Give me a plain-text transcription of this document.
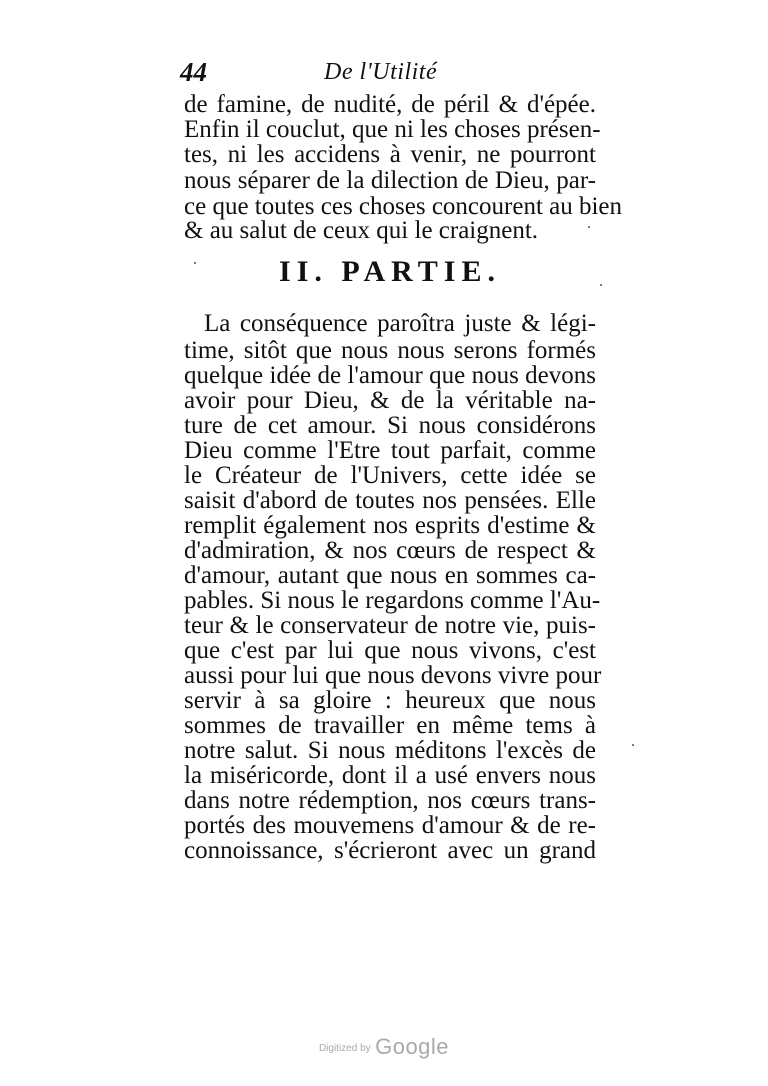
44	De l'Utilité
de famine, de nudité, de péril & d'épée.
Enfin il couclut, que ni les choses présen-
tes, ni les accidens à venir, ne pourront
nous séparer de la dilection de Dieu, par-
ce que toutes ces choses concourent au bien
& au salut de ceux qui le craignent.
II. PARTIE.
La conséquence paroîtra juste & légi-
time, sitôt que nous nous serons formés
quelque idée de l'amour que nous devons
avoir pour Dieu, & de la véritable na-
ture de cet amour. Si nous considérons
Dieu comme l'Etre tout parfait, comme
le Créateur de l'Univers, cette idée se
saisit d'abord de toutes nos pensées. Elle
remplit également nos esprits d'estime &
d'admiration, & nos cœurs de respect &
d'amour, autant que nous en sommes ca-
pables. Si nous le regardons comme l'Au-
teur & le conservateur de notre vie, puis-
que c'est par lui que nous vivons, c'est
aussi pour lui que nous devons vivre pour
servir à sa gloire : heureux que nous
sommes de travailler en même tems à
notre salut. Si nous méditons l'excès de
la miséricorde, dont il a usé envers nous
dans notre rédemption, nos cœurs trans-
portés des mouvemens d'amour & de re-
connoissance, s'écrieront avec un grand
Digitized by Google
